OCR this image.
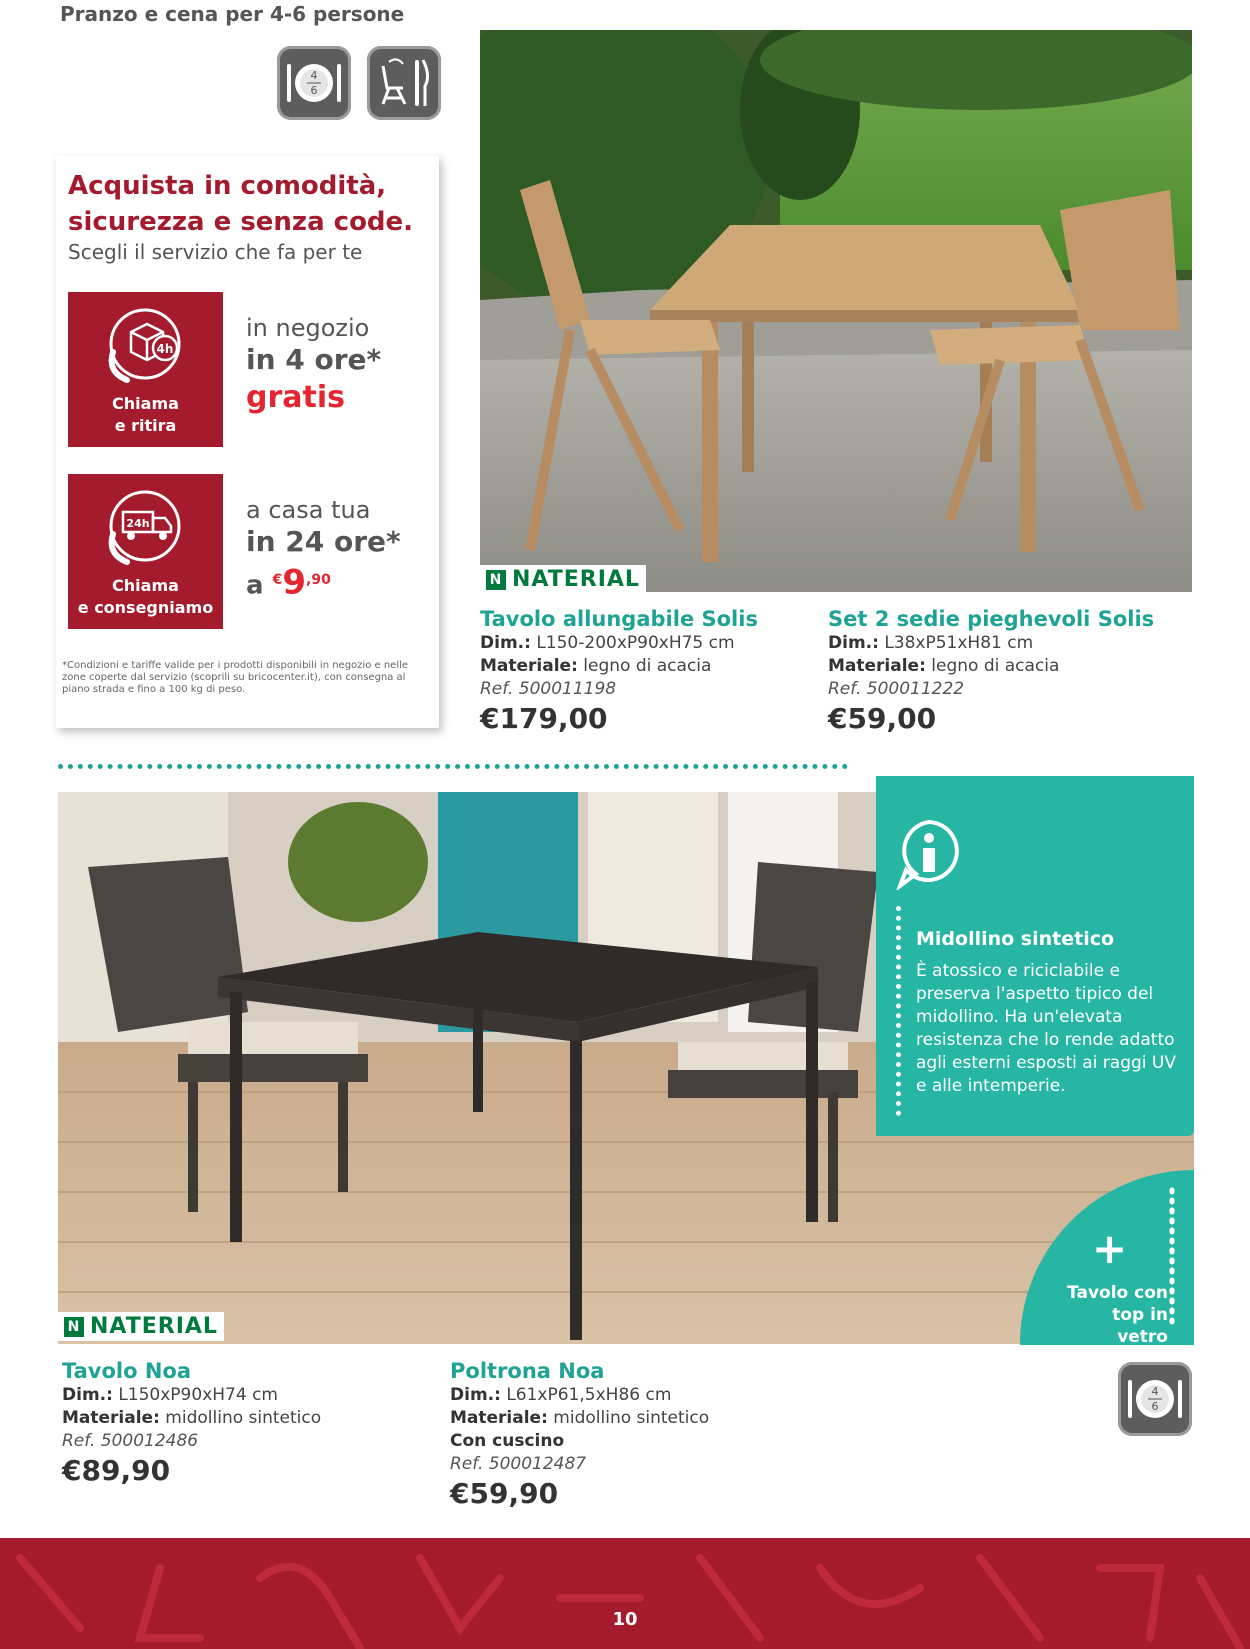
Pranzo e cena per 4-6 persone
4
6
Acquista in comodità, sicurezza e senza code.
Scegli il servizio che fa per te
4h
Chiama
e ritira
in negozio
in 4 ore*
gratis
24h
Chiama
e consegniamo
a casa tua
in 24 ore*
a $^€9^{,90}$
*Condizioni e tariffe valide per i prodotti disponibili in negozio e nelle zone coperte dal servizio (scoprili su bricocenter.it), con consegna al piano strada e fino a 100 kg di peso.
N NATERIAL
Tavolo allungabile Solis
Dim.: L150-200xP90xH75 cm
Materiale: legno di acacia
Ref. 500011198
€179,00
Set 2 sedie pieghevoli Solis
Dim.: L38xP51xH81 cm
Materiale: legno di acacia
Ref. 500011222
€59,00
N NATERIAL
Midollino sintetico
È atossico e riciclabile e preserva l'aspetto tipico del midollino. Ha un'elevata resistenza che lo rende adatto agli esterni esposti ai raggi UV e alle intemperie.
+
Tavolo con top in vetro
Tavolo Noa
Dim.: L150xP90xH74 cm
Materiale: midollino sintetico
Ref. 500012486
€89,90
Poltrona Noa
Dim.: L61xP61,5xH86 cm
Materiale: midollino sintetico
Con cuscino
Ref. 500012487
€59,90
4
6
10
